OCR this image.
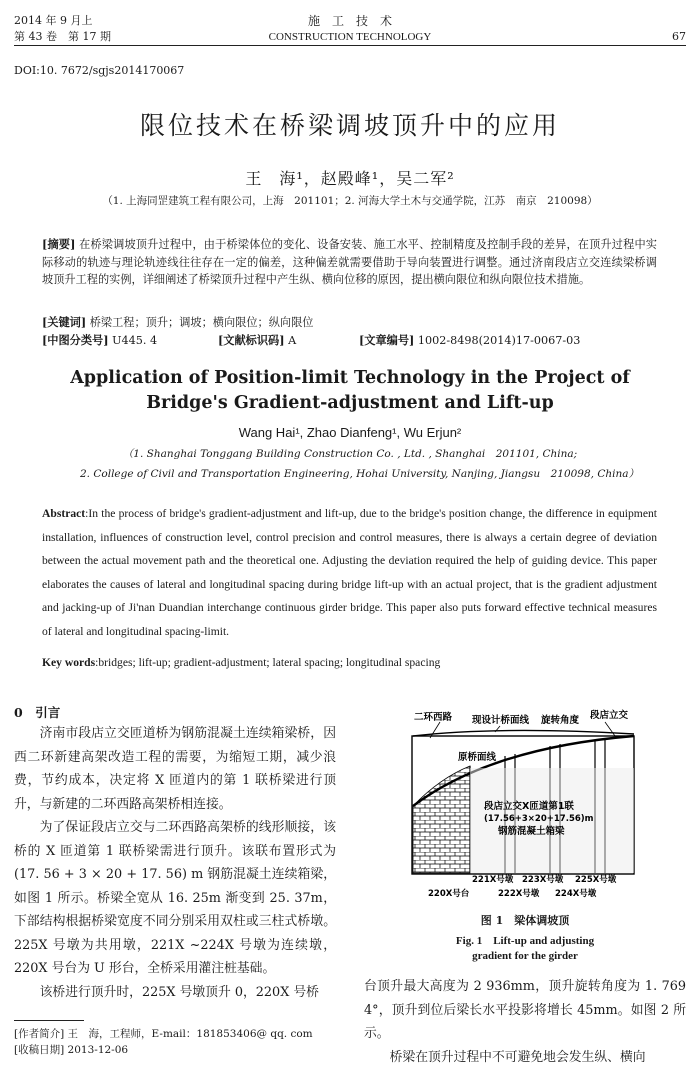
2014 年 9 月上	施　工　技　术
第 43 卷　第 17 期	CONSTRUCTION TECHNOLOGY	67
DOI:10. 7672/sgjs2014170067
限位技术在桥梁调坡顶升中的应用
王　海¹，赵殿峰¹，吴二军²
（1. 上海同罡建筑工程有限公司，上海　201101；2. 河海大学土木与交通学院，江苏　南京　210098）
[摘要] 在桥梁调坡顶升过程中，由于桥梁体位的变化、设备安装、施工水平、控制精度及控制手段的差异，在顶升过程中实际移动的轨迹与理论轨迹线往往存在一定的偏差，这种偏差就需要借助于导向装置进行调整。通过济南段店立交连续梁桥调坡顶升工程的实例，详细阐述了桥梁顶升过程中产生纵、横向位移的原因，提出横向限位和纵向限位技术措施。
[关键词] 桥梁工程；顶升；调坡；横向限位；纵向限位
[中图分类号] U445. 4	[文献标识码] A	[文章编号] 1002-8498(2014)17-0067-03
Application of Position-limit Technology in the Project of Bridge's Gradient-adjustment and Lift-up
Wang Hai¹, Zhao Dianfeng¹, Wu Erjun²
（1. Shanghai Tonggang Building Construction Co. , Ltd. , Shanghai　201101, China;
2. College of Civil and Transportation Engineering, Hohai University, Nanjing, Jiangsu　210098, China）
Abstract:In the process of bridge's gradient-adjustment and lift-up, due to the bridge's position change, the difference in equipment installation, influences of construction level, control precision and control measures, there is always a certain degree of deviation between the actual movement path and the theoretical one. Adjusting the deviation required the help of guiding device. This paper elaborates the causes of lateral and longitudinal spacing during bridge lift-up with an actual project, that is the gradient adjustment and jacking-up of Ji'nan Duandian interchange continuous girder bridge. This paper also puts forward effective technical measures of lateral and longitudinal spacing-limit.
Key words:bridges; lift-up; gradient-adjustment; lateral spacing; longitudinal spacing
0　引言
济南市段店立交匝道桥为钢筋混凝土连续箱梁桥，因西二环新建高架改造工程的需要，为缩短工期，减少浪费，节约成本，决定将 X 匝道内的第 1 联桥梁进行顶升，与新建的二环西路高架桥相连接。
为了保证段店立交与二环西路高架桥的线形顺接，该桥的 X 匝道第 1 联桥梁需进行顶升。该联布置形式为(17. 56 + 3 × 20 + 17. 56) m 钢筋混凝土连续箱梁，如图 1 所示。桥梁全宽从 16. 25m 渐变到 25. 37m，下部结构根据桥梁宽度不同分别采用双柱或三柱式桥墩。225X 号墩为共用墩，221X ~224X 号墩为连续墩，220X 号台为 U 形台，全桥采用灌注桩基础。
该桥进行顶升时，225X 号墩顶升 0，220X 号桥
二环西路 现设计桥面线 旋转角度 段店立交
原桥面线
段店立交X匝道第1联
(17.56+3×20+17.56)m
钢筋混凝土箱梁
221X号墩 223X号墩 225X号墩
220X号台	222X号墩 224X号墩
图 1　梁体调坡顶
Fig. 1　Lift-up and adjusting
gradient for the girder
台顶升最大高度为 2 936mm，顶升旋转角度为 1. 769 4°，顶升到位后梁长水平投影将增长 45mm。如图 2 所示。
桥梁在顶升过程中不可避免地会发生纵、横向
[作者简介] 王　海，工程师，E-mail：181853406@ qq. com
[收稿日期] 2013-12-06
